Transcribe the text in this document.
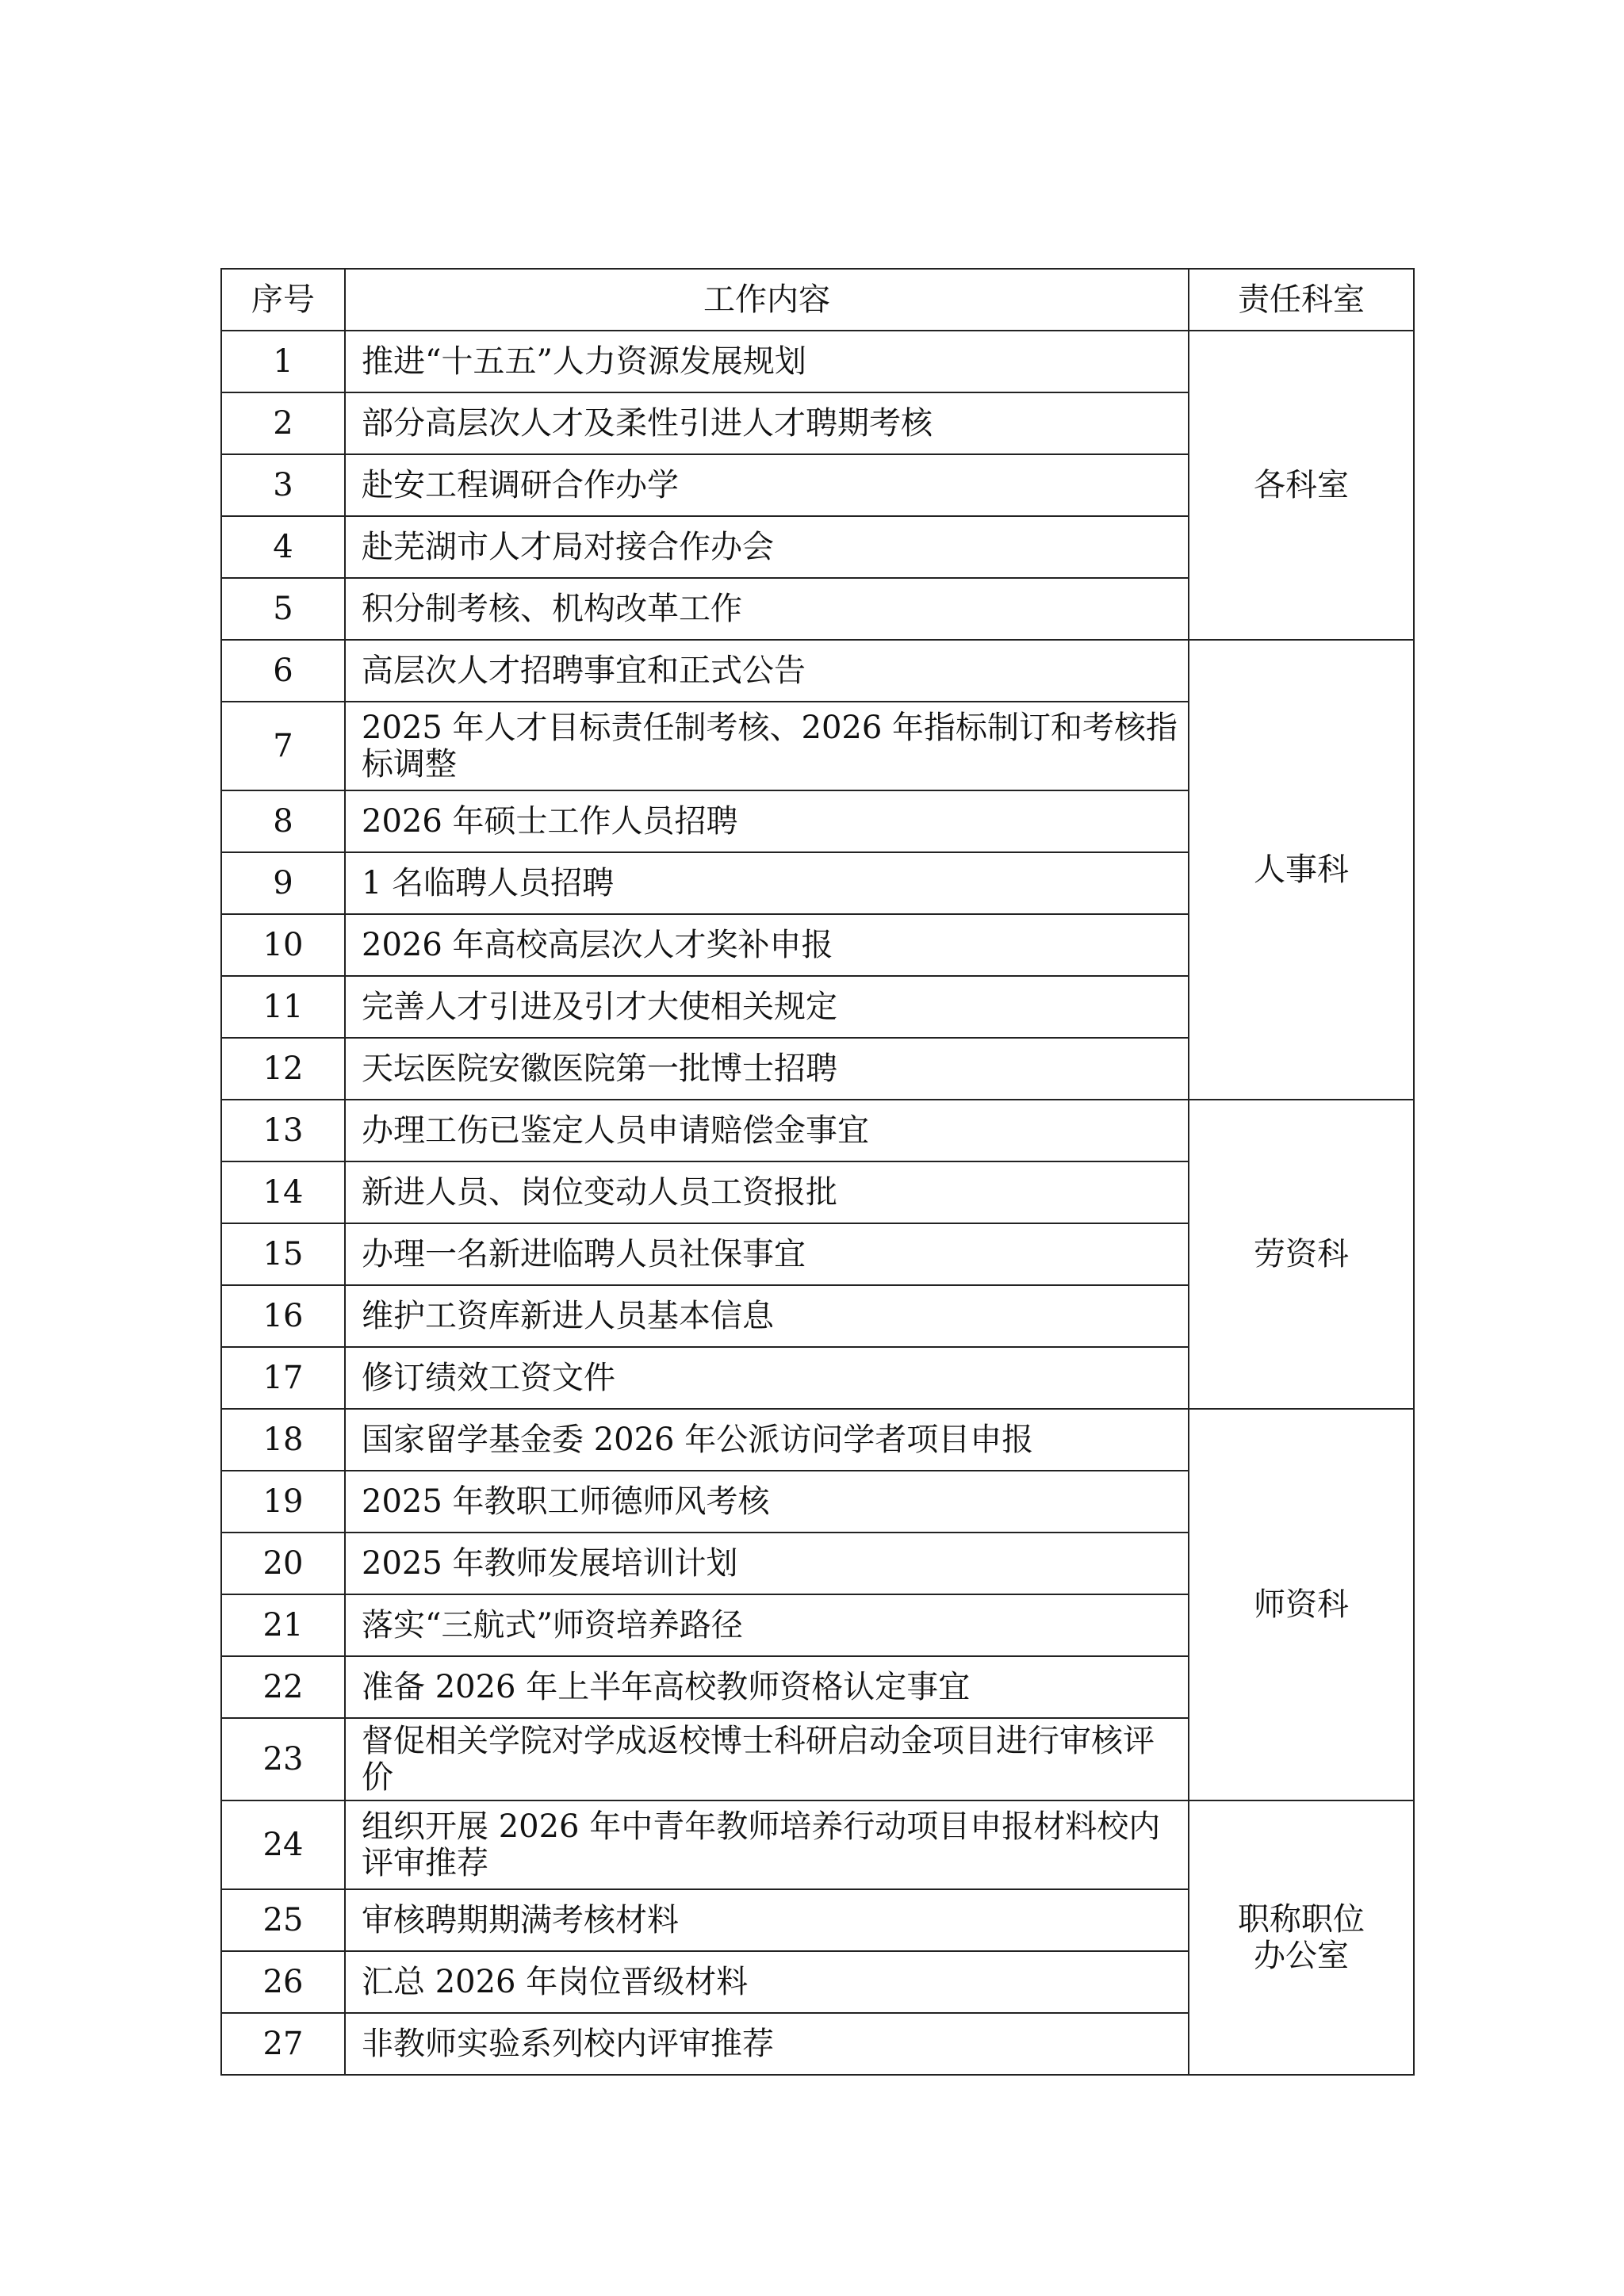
序号	工作内容	责任科室
1	推进“十五五”人力资源发展规划	各科室
2	部分高层次人才及柔性引进人才聘期考核	
3	赴安工程调研合作办学	
4	赴芜湖市人才局对接合作办会	
5	积分制考核、机构改革工作	
6	高层次人才招聘事宜和正式公告	人事科
7	2025 年人才目标责任制考核、2026 年指标制订和考核指标调整	
8	2026 年硕士工作人员招聘	
9	1 名临聘人员招聘	
10	2026 年高校高层次人才奖补申报	
11	完善人才引进及引才大使相关规定	
12	天坛医院安徽医院第一批博士招聘	
13	办理工伤已鉴定人员申请赔偿金事宜	劳资科
14	新进人员、岗位变动人员工资报批	
15	办理一名新进临聘人员社保事宜	
16	维护工资库新进人员基本信息	
17	修订绩效工资文件	
18	国家留学基金委 2026 年公派访问学者项目申报	师资科
19	2025 年教职工师德师风考核	
20	2025 年教师发展培训计划	
21	落实“三航式”师资培养路径	
22	准备 2026 年上半年高校教师资格认定事宜	
23	督促相关学院对学成返校博士科研启动金项目进行审核评价	
24	组织开展 2026 年中青年教师培养行动项目申报材料校内评审推荐	职称职位
办公室

25	审核聘期期满考核材料	
26	汇总 2026 年岗位晋级材料	
27	非教师实验系列校内评审推荐	
